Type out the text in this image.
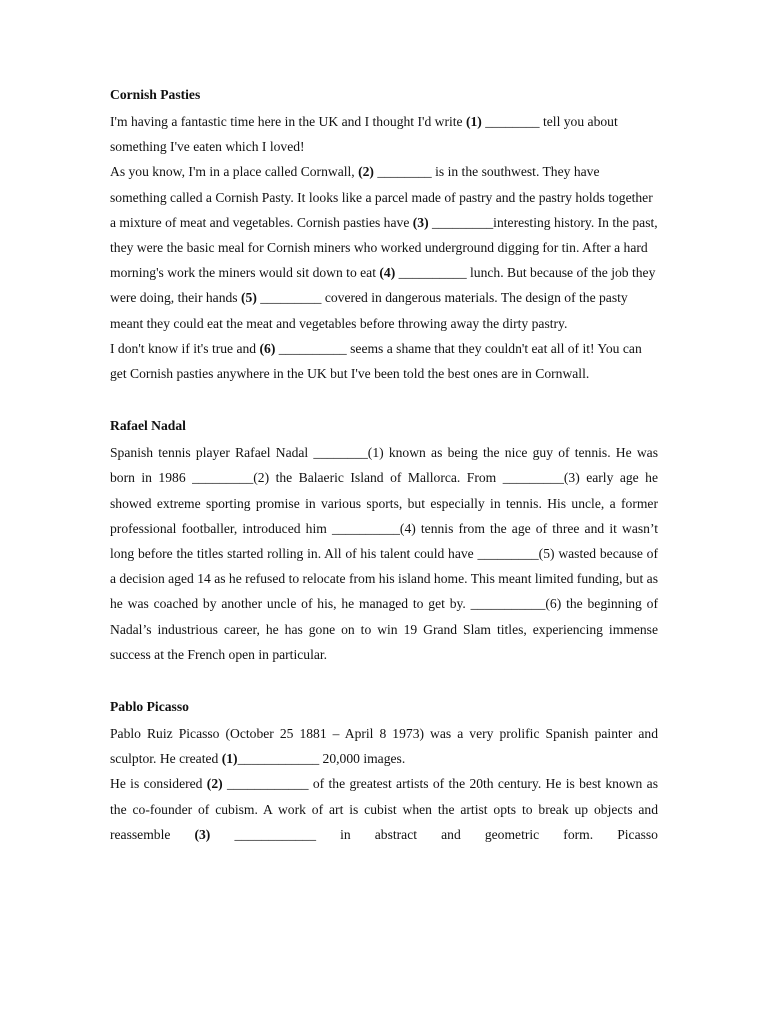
Cornish Pasties

I'm having a fantastic time here in the UK and I thought I'd write (1) ________ tell you about something I've eaten which I loved!

As you know, I'm in a place called Cornwall, (2) ________ is in the southwest. They have something called a Cornish Pasty. It looks like a parcel made of pastry and the pastry holds together a mixture of meat and vegetables. Cornish pasties have (3) _________interesting history. In the past, they were the basic meal for Cornish miners who worked underground digging for tin. After a hard morning's work the miners would sit down to eat (4) __________ lunch. But because of the job they were doing, their hands (5) _________ covered in dangerous materials. The design of the pasty meant they could eat the meat and vegetables before throwing away the dirty pastry.

I don't know if it's true and (6) __________ seems a shame that they couldn't eat all of it! You can get Cornish pasties anywhere in the UK but I've been told the best ones are in Cornwall.

Rafael Nadal

Spanish tennis player Rafael Nadal ________(1) known as being the nice guy of tennis. He was born in 1986 _________(2) the Balaeric Island of Mallorca. From _________(3) early age he showed extreme sporting promise in various sports, but especially in tennis. His uncle, a former professional footballer, introduced him __________(4) tennis from the age of three and it wasn’t long before the titles started rolling in. All of his talent could have _________(5) wasted because of a decision aged 14 as he refused to relocate from his island home. This meant limited funding, but as he was coached by another uncle of his, he managed to get by. ___________(6) the beginning of Nadal’s industrious career, he has gone on to win 19 Grand Slam titles, experiencing immense success at the French open in particular.

Pablo Picasso

Pablo Ruiz Picasso (October 25 1881 – April 8 1973) was a very prolific Spanish painter and sculptor. He created (1)____________ 20,000 images.

He is considered (2) ____________ of the greatest artists of the 20th century. He is best known as the co-founder of cubism. A work of art is cubist when the artist opts to break up objects and reassemble (3) ____________ in abstract and geometric form. Picasso
